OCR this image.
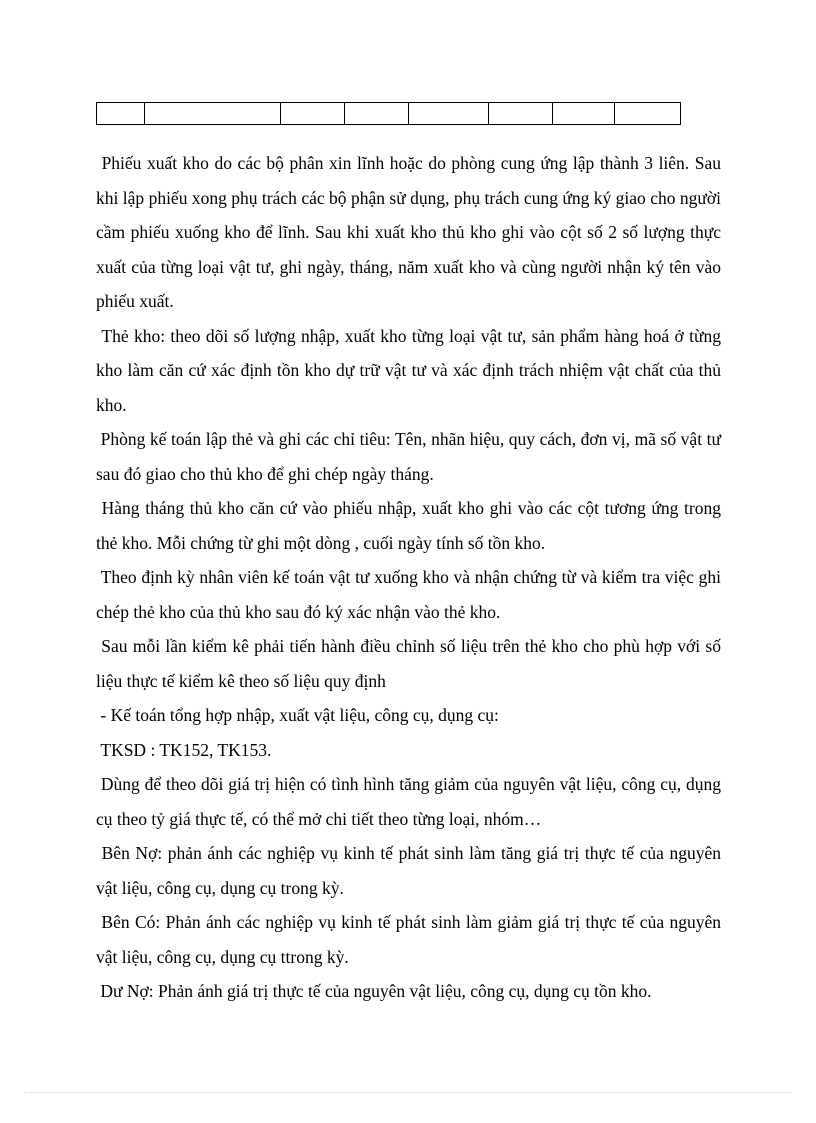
Phiếu xuất kho do các bộ phân xin lĩnh hoặc do phòng cung ứng lập thành 3 liên. Sau khi lập phiếu xong phụ trách các bộ phận sử dụng, phụ trách cung ứng ký giao cho người cầm phiếu xuống kho để lĩnh. Sau khi xuất kho thủ kho ghi vào cột số 2 số lượng thực xuất của từng loại vật tư, ghi ngày, tháng, năm xuất kho và cùng người nhận ký tên vào phiếu xuất.

Thẻ kho: theo dõi số lượng nhập, xuất kho từng loại vật tư, sản phẩm hàng hoá ở từng kho làm căn cứ xác định tồn kho dự trữ vật tư và xác định trách nhiệm vật chất của thủ kho.

Phòng kế toán lập thẻ và ghi các chỉ tiêu: Tên, nhãn hiệu, quy cách, đơn vị, mã số vật tư sau đó giao cho thủ kho để ghi chép ngày tháng.

Hàng tháng thủ kho căn cứ vào phiếu nhập, xuất kho ghi vào các cột tương ứng trong thẻ kho. Mỗi chứng từ ghi một dòng , cuối ngày tính số tồn kho.

Theo định kỳ nhân viên kế toán vật tư xuống kho và nhận chứng từ và kiểm tra việc ghi chép thẻ kho của thủ kho sau đó ký xác nhận vào thẻ kho.

Sau mỗi lần kiểm kê phải tiến hành điều chỉnh số liệu trên thẻ kho cho phù hợp với số liệu thực tế kiểm kê theo số liệu quy định

- Kế toán tổng hợp nhập, xuất vật liệu, công cụ, dụng cụ:

TKSD : TK152, TK153.

Dùng để theo dõi giá trị hiện có tình hình tăng giảm của nguyên vật liệu, công cụ, dụng cụ theo tỷ giá thực tế, có thể mở chi tiết theo từng loại, nhóm…

Bên Nợ: phản ánh các nghiệp vụ kinh tế phát sinh làm tăng giá trị thực tế của nguyên vật liệu, công cụ, dụng cụ trong kỳ.

Bên Có: Phản ánh các nghiệp vụ kinh tế phát sinh làm giảm giá trị thực tế của nguyên vật liệu, công cụ, dụng cụ ttrong kỳ.

Dư Nợ: Phản ánh giá trị thực tế của nguyên vật liệu, công cụ, dụng cụ tồn kho.
